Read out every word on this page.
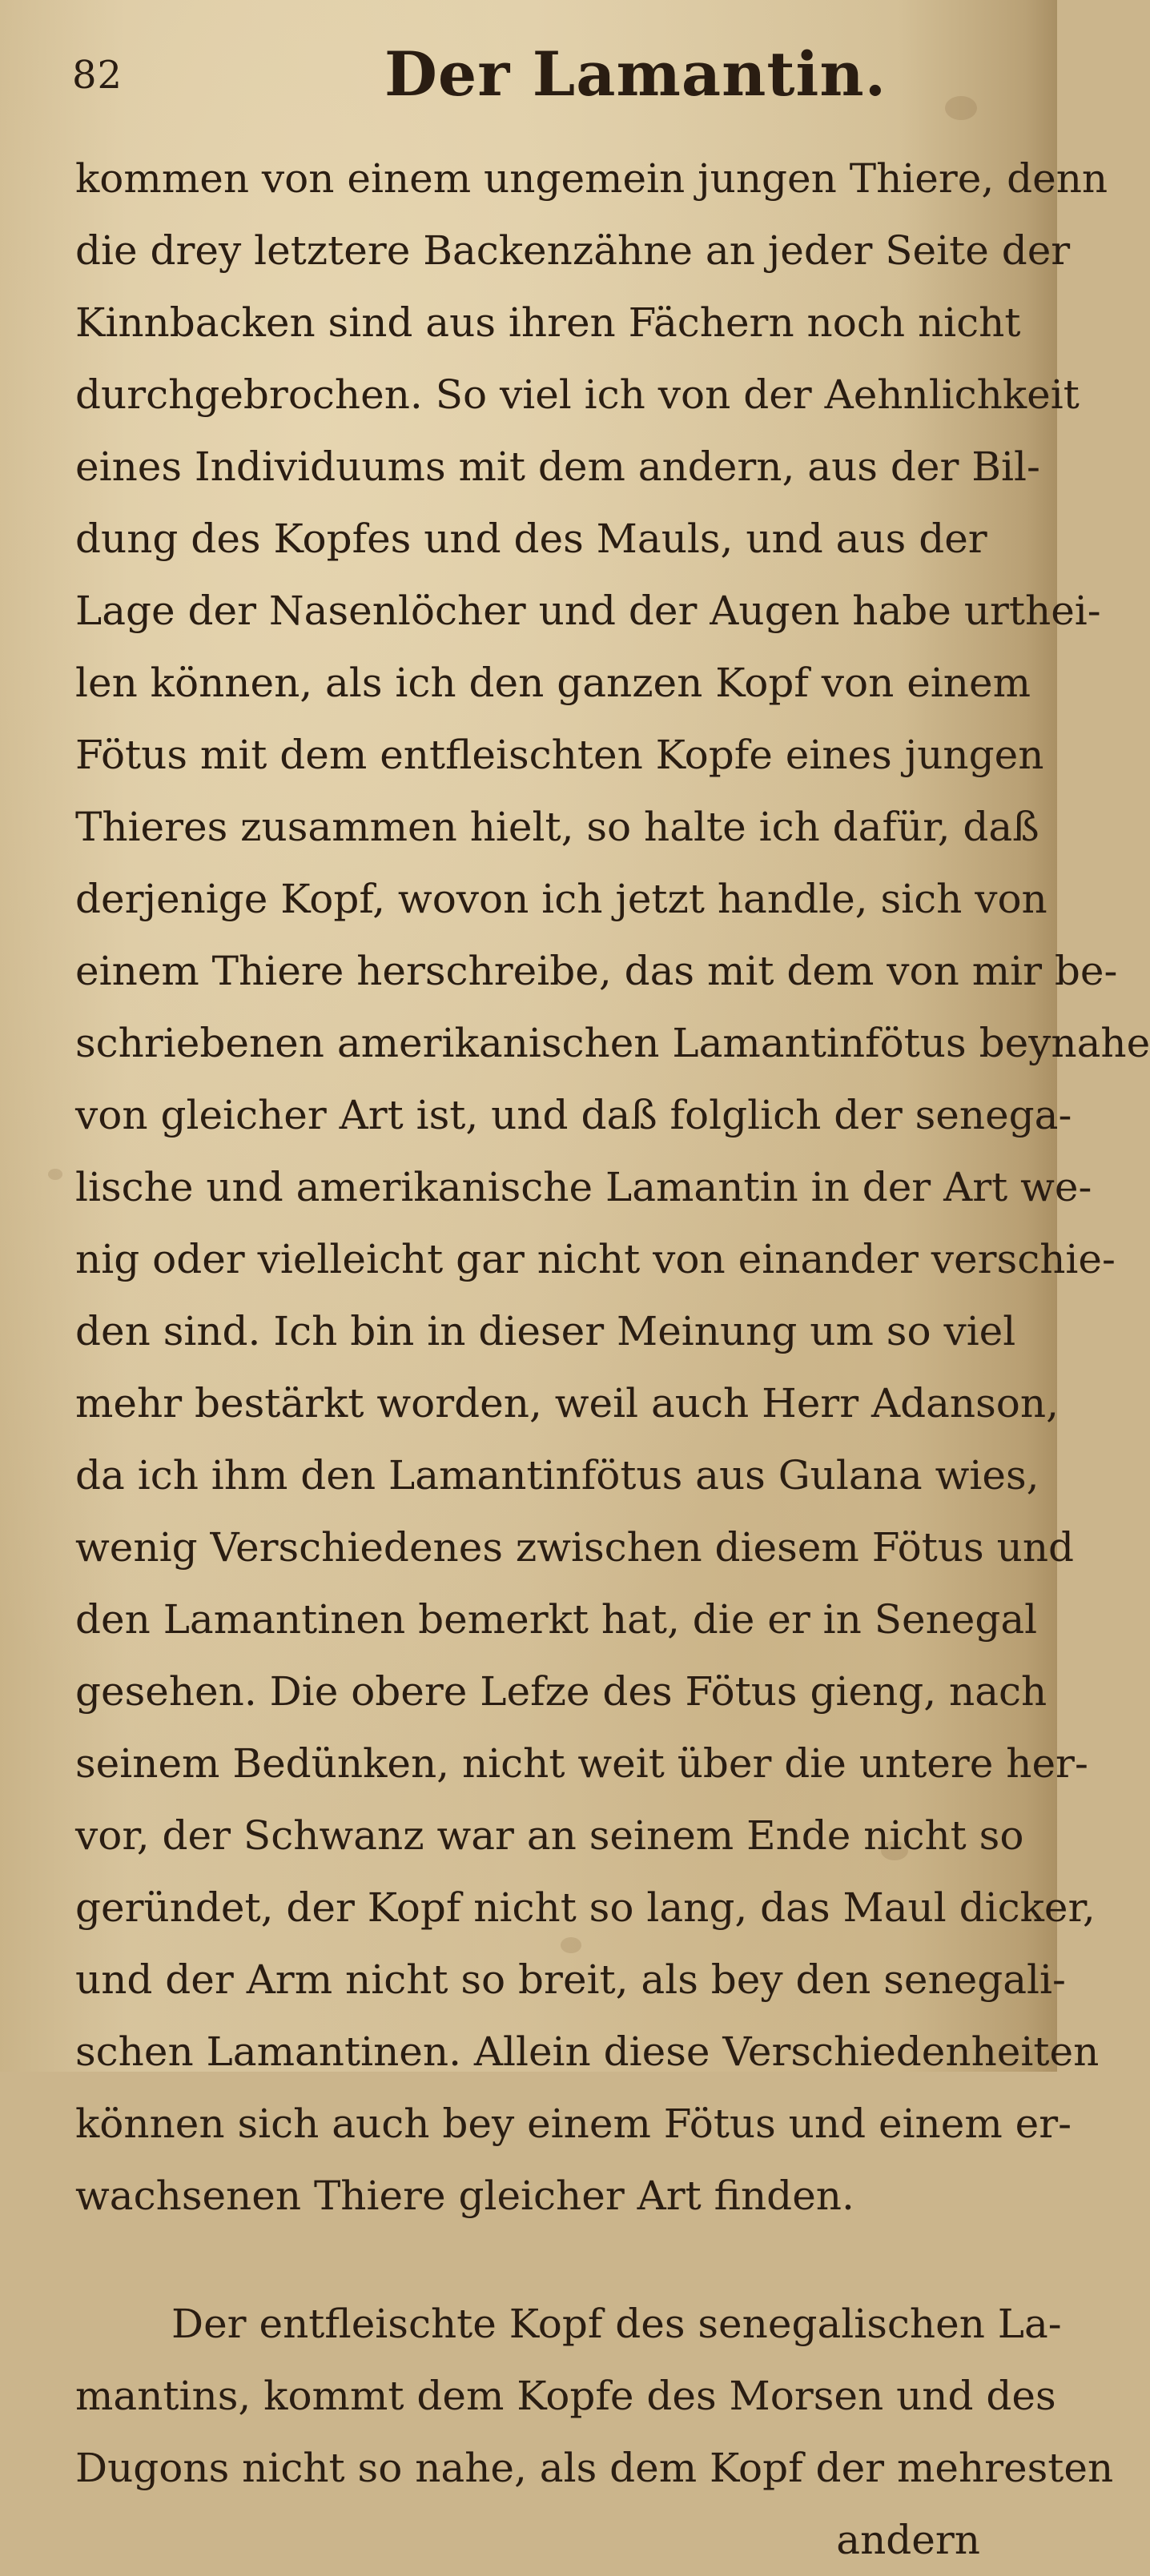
82	Der Lamantin.
kommen von einem ungemein jungen Thiere, denn
die drey letztere Backenzähne an jeder Seite der
Kinnbacken sind aus ihren Fächern noch nicht
durchgebrochen. So viel ich von der Aehnlichkeit
eines Individuums mit dem andern, aus der Bil-
dung des Kopfes und des Mauls, und aus der
Lage der Nasenlöcher und der Augen habe urthei-
len können, als ich den ganzen Kopf von einem
Fötus mit dem entfleischten Kopfe eines jungen
Thieres zusammen hielt, so halte ich dafür, daß
derjenige Kopf, wovon ich jetzt handle, sich von
einem Thiere herschreibe, das mit dem von mir be-
schriebenen amerikanischen Lamantinfötus beynahe
von gleicher Art ist, und daß folglich der senega-
lische und amerikanische Lamantin in der Art we-
nig oder vielleicht gar nicht von einander verschie-
den sind. Ich bin in dieser Meinung um so viel
mehr bestärkt worden, weil auch Herr Adanson,
da ich ihm den Lamantinfötus aus Gulana wies,
wenig Verschiedenes zwischen diesem Fötus und
den Lamantinen bemerkt hat, die er in Senegal
gesehen. Die obere Lefze des Fötus gieng, nach
seinem Bedünken, nicht weit über die untere her-
vor, der Schwanz war an seinem Ende nicht so
geründet, der Kopf nicht so lang, das Maul dicker,
und der Arm nicht so breit, als bey den senegali-
schen Lamantinen. Allein diese Verschiedenheiten
können sich auch bey einem Fötus und einem er-
wachsenen Thiere gleicher Art finden.
Der entfleischte Kopf des senegalischen La-
mantins, kommt dem Kopfe des Morsen und des
Dugons nicht so nahe, als dem Kopf der mehresten
andern
